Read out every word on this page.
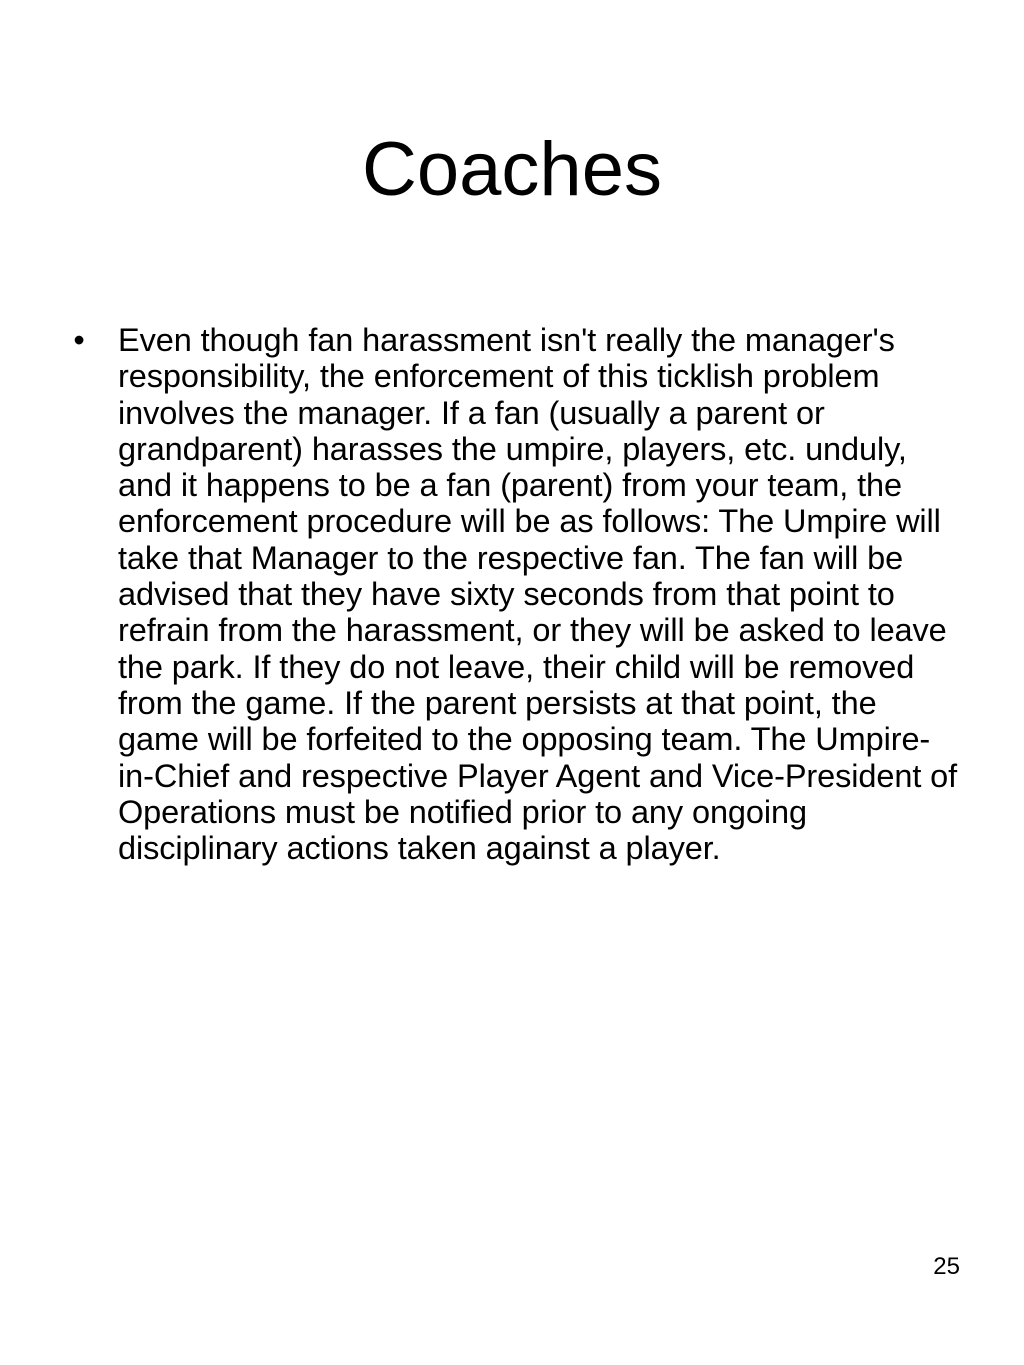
Coaches
• Even though fan harassment isn't really the manager's responsibility, the enforcement of this ticklish problem involves the manager. If a fan (usually a parent or grandparent) harasses the umpire, players, etc. unduly, and it happens to be a fan (parent) from your team, the enforcement procedure will be as follows: The Umpire will take that Manager to the respective fan. The fan will be advised that they have sixty seconds from that point to refrain from the harassment, or they will be asked to leave the park. If they do not leave, their child will be removed from the game. If the parent persists at that point, the game will be forfeited to the opposing team. The Umpire-in-Chief and respective Player Agent and Vice-President of Operations must be notified prior to any ongoing disciplinary actions taken against a player.
25
